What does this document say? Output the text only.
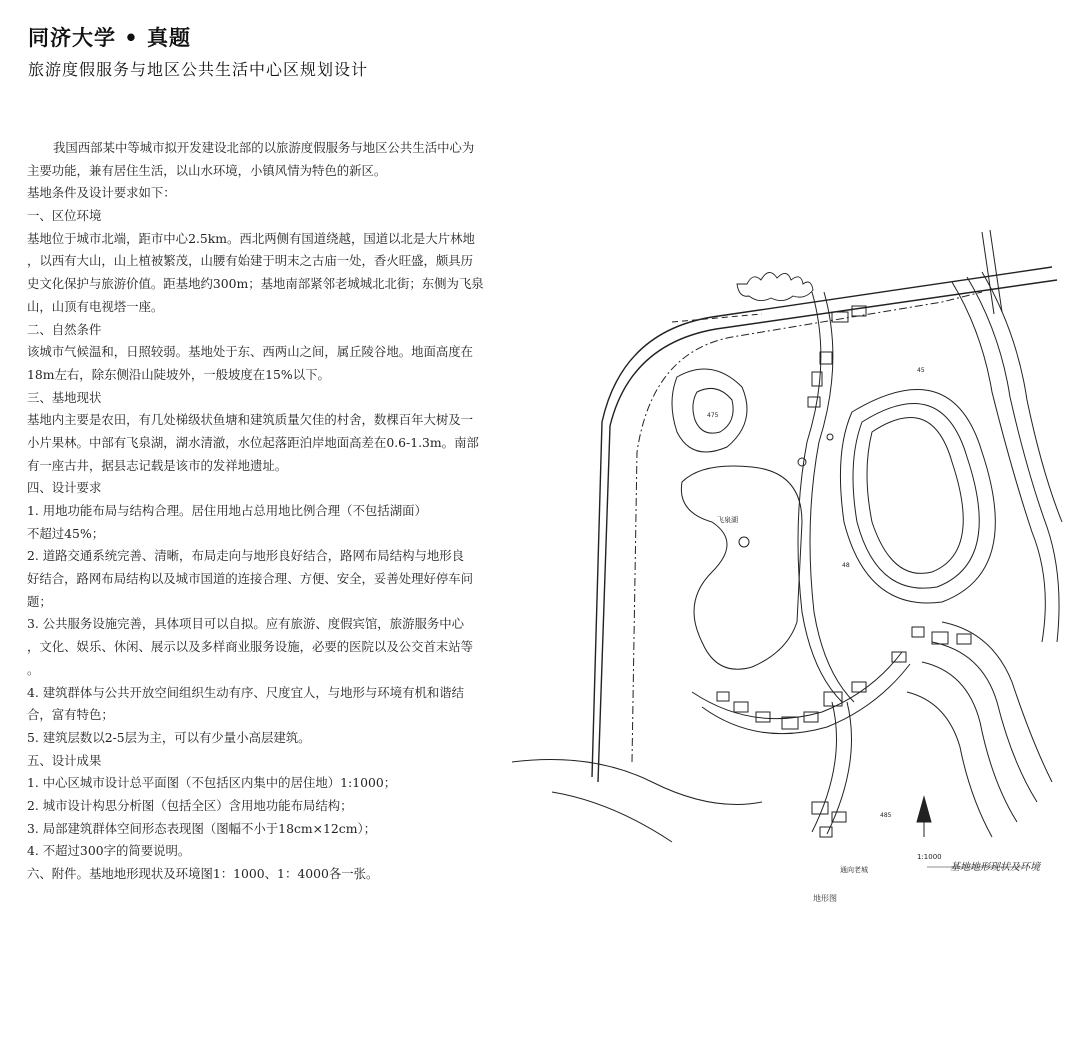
同济大学 • 真题
旅游度假服务与地区公共生活中心区规划设计
我国西部某中等城市拟开发建设北部的以旅游度假服务与地区公共生活中心为
主要功能，兼有居住生活，以山水环境，小镇风情为特色的新区。
基地条件及设计要求如下：
一、区位环境
基地位于城市北端，距市中心2.5km。西北两侧有国道绕越，国道以北是大片林地
，以西有大山，山上植被繁茂，山腰有始建于明末之古庙一处，香火旺盛，颇具历
史文化保护与旅游价值。距基地约300m；基地南部紧邻老城城北北街；东侧为飞泉
山，山顶有电视塔一座。
二、自然条件
该城市气候温和，日照较弱。基地处于东、西两山之间，属丘陵谷地。地面高度在
18m左右，除东侧沿山陡坡外，一般坡度在15%以下。
三、基地现状
基地内主要是农田，有几处梯级状鱼塘和建筑质量欠佳的村舍，数棵百年大树及一
小片果林。中部有飞泉湖，湖水清澈，水位起落距泊岸地面高差在0.6-1.3m。南部
有一座古井，据县志记载是该市的发祥地遗址。
四、设计要求
1. 用地功能布局与结构合理。居住用地占总用地比例合理（不包括湖面）
不超过45%；
2. 道路交通系统完善、清晰，布局走向与地形良好结合，路网布局结构与地形良
好结合，路网布局结构以及城市国道的连接合理、方便、安全，妥善处理好停车问
题；
3. 公共服务设施完善，具体项目可以自拟。应有旅游、度假宾馆，旅游服务中心
，文化、娱乐、休闲、展示以及多样商业服务设施，必要的医院以及公交首末站等
。
4. 建筑群体与公共开放空间组织生动有序、尺度宜人，与地形与环境有机和谐结
合，富有特色；
5. 建筑层数以2-5层为主，可以有少量小高层建筑。
五、设计成果
1. 中心区城市设计总平面图（不包括区内集中的居住地）1:1000；
2. 城市设计构思分析图（包括全区）含用地功能布局结构；
3. 局部建筑群体空间形态表现图（图幅不小于18cm×12cm）；
4. 不超过300字的简要说明。
六、附件。基地地形现状及环境图1：1000、1：4000各一张。
475
45
48
485
飞泉湖
通向老城
1:1000
基地地形现状及环境
地形图
